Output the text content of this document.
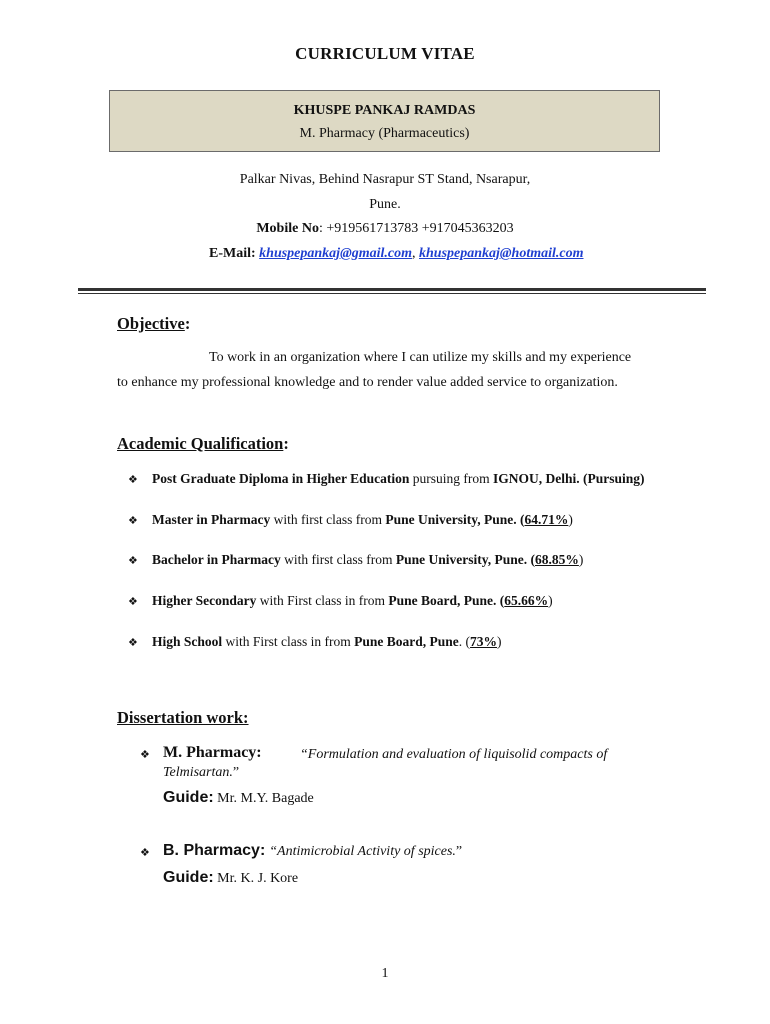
CURRICULUM VITAE
KHUSPE PANKAJ RAMDAS
M. Pharmacy (Pharmaceutics)
Palkar Nivas, Behind Nasrapur ST Stand, Nsarapur,
Pune.
Mobile No: +919561713783 +917045363203
E-Mail: khuspepankaj@gmail.com, khuspepankaj@hotmail.com
Objective:
To work in an organization where I can utilize my skills and my experience
to enhance my professional knowledge and to render value added service to organization.
Academic Qualification:
❖ Post Graduate Diploma in Higher Education pursuing from IGNOU, Delhi. (Pursuing)
❖ Master in Pharmacy with first class from Pune University, Pune. (64.71%)
❖ Bachelor in Pharmacy with first class from Pune University, Pune. (68.85%)
❖ Higher Secondary with First class in from Pune Board, Pune. (65.66%)
❖ High School with First class in from Pune Board, Pune. (73%)
Dissertation work:
❖ M. Pharmacy:	“Formulation and evaluation of liquisolid compacts of
Telmisartan.”
Guide: Mr. M.Y. Bagade
❖ B. Pharmacy: “Antimicrobial Activity of spices.”
Guide: Mr. K. J. Kore
1
